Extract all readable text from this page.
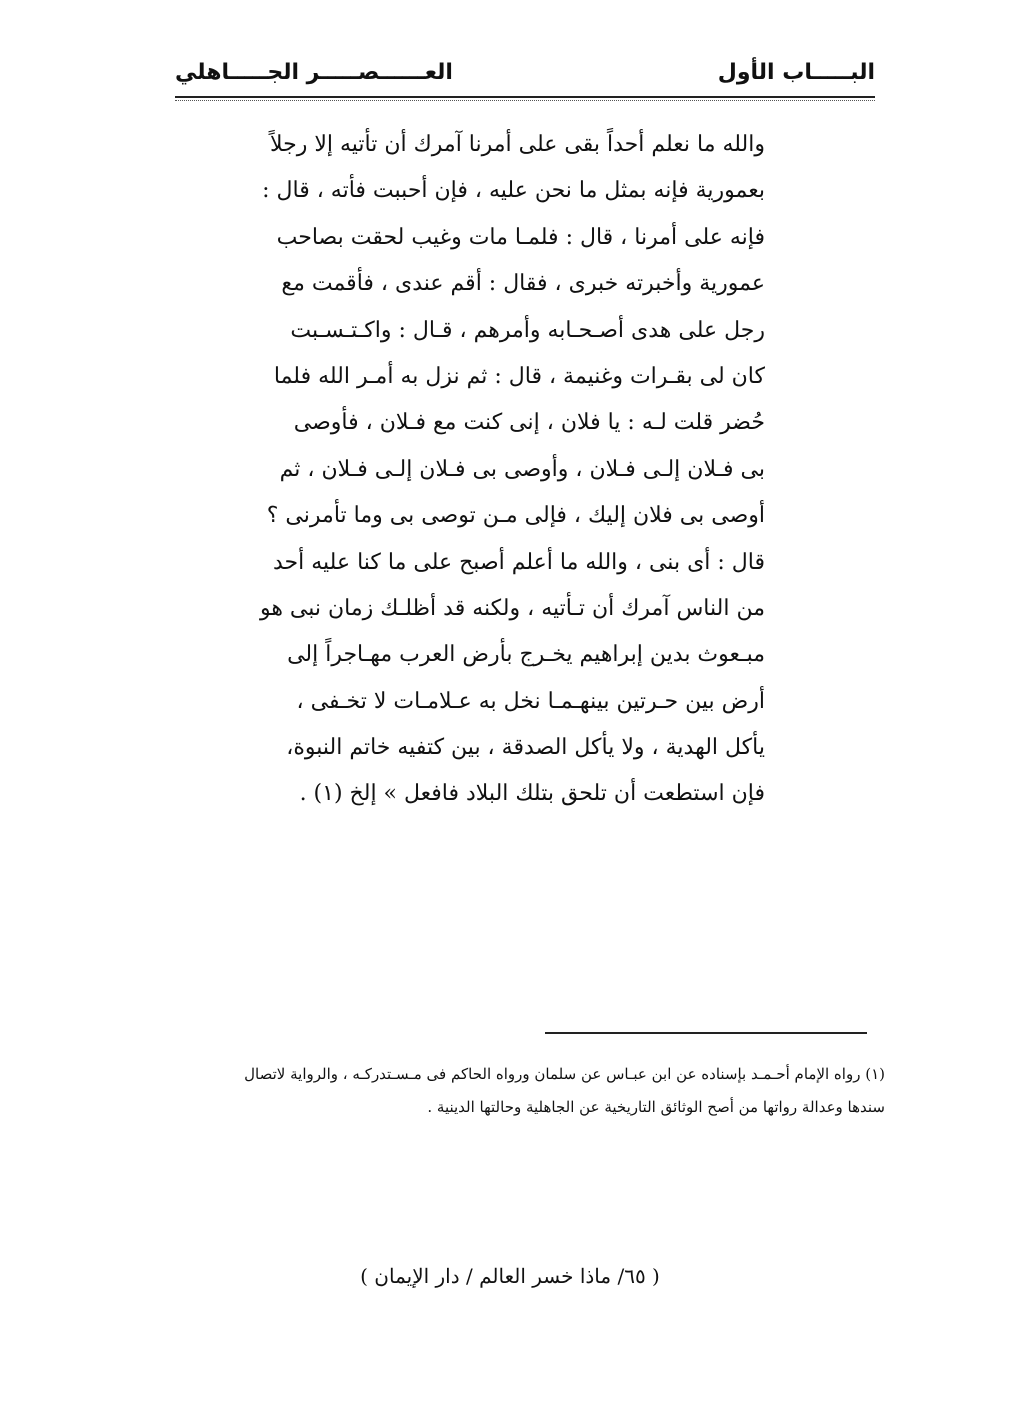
البـــــاب الأول
العــــــصـــــر الجـــــاهلي
والله ما نعلم أحداً بقى على أمرنا آمرك أن تأتيه إلا رجلاً
بعمورية فإنه بمثل ما نحن عليه ، فإن أحببت فأته ، قال :
فإنه على أمرنا ، قال : فلمـا مات وغيب لحقت بصاحب
عمورية وأخبرته خبرى ، فقال : أقم عندى ، فأقمت مع
رجل على هدى أصـحـابه وأمرهم ، قـال : واكـتـسـبت
كان لى بقـرات وغنيمة ، قال : ثم نزل به أمـر الله فلما
حُضر قلت لـه : يا فلان ، إنى كنت مع فـلان ، فأوصى
بى فـلان إلـى فـلان ، وأوصى بى فـلان إلـى فـلان ، ثم
أوصى بى فلان إليك ، فإلى مـن توصى بى وما تأمرنى ؟
قال : أى بنى ، والله ما أعلم أصبح على ما كنا عليه أحد
من الناس آمرك أن تـأتيه ، ولكنه قد أظلـك زمان نبى هو
مبـعوث بدين إبراهيم يخـرج بأرض العرب مهـاجراً إلى
أرض بين حـرتين بينهـمـا نخل به عـلامـات لا تخـفى ،
يأكل الهدية ، ولا يأكل الصدقة ، بين كتفيه خاتم النبوة،
فإن استطعت أن تلحق بتلك البلاد فافعل » إلخ (١) .
(١) رواه الإمام أحـمـد بإسناده عن ابن عبـاس عن سلمان ورواه الحاكم فى مـسـتدركـه ، والرواية لاتصال
سندها وعدالة رواتها من أصح الوثائق التاريخية عن الجاهلية وحالتها الدينية .
( ٦٥/ ماذا خسر العالم / دار الإيمان )
